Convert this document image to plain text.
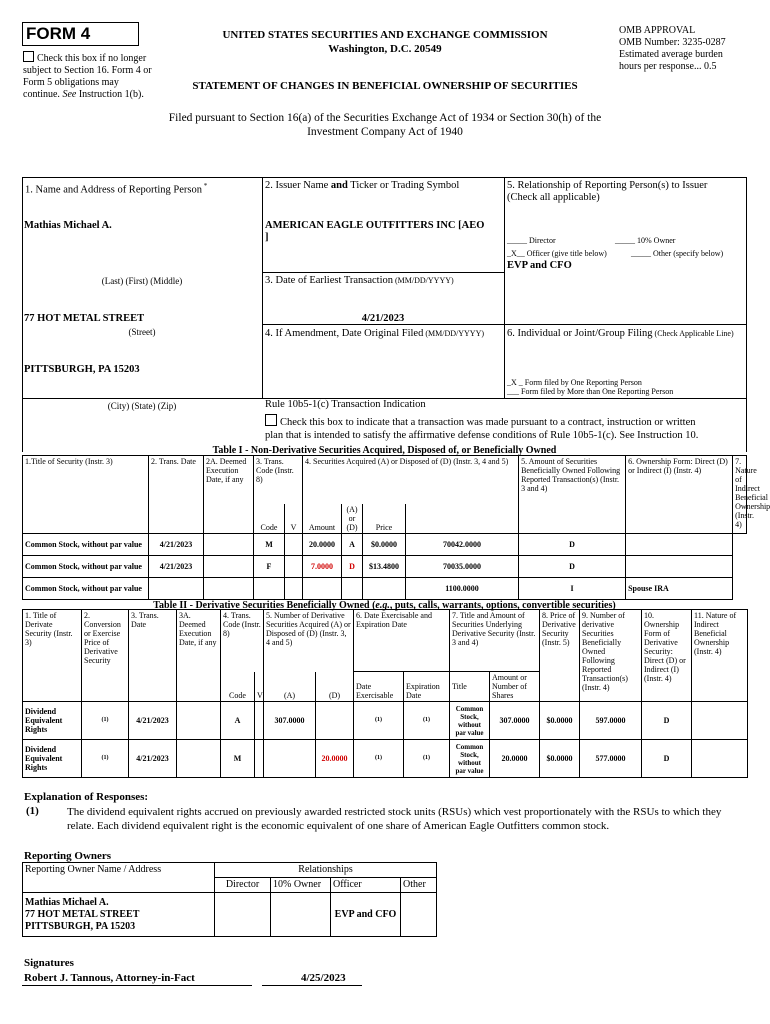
FORM 4
Check this box if no longer subject to Section 16. Form 4 or Form 5 obligations may continue. See Instruction 1(b).
UNITED STATES SECURITIES AND EXCHANGE COMMISSION
Washington, D.C. 20549
STATEMENT OF CHANGES IN BENEFICIAL OWNERSHIP OF SECURITIES
OMB APPROVAL
OMB Number: 3235-0287
Estimated average burden
hours per response... 0.5
Filed pursuant to Section 16(a) of the Securities Exchange Act of 1934 or Section 30(h) of the
Investment Company Act of 1940
1. Name and Address of Reporting Person *
Mathias Michael A.
(Last) (First) (Middle)
77 HOT METAL STREET
(Street)
PITTSBURGH, PA 15203
(City) (State) (Zip)
2. Issuer Name and Ticker or Trading Symbol
AMERICAN EAGLE OUTFITTERS INC [AEO
]
3. Date of Earliest Transaction (MM/DD/YYYY)
4/21/2023
4. If Amendment, Date Original Filed (MM/DD/YYYY)
5. Relationship of Reporting Person(s) to Issuer
(Check all applicable)
_____ Director	_____ 10% Owner
_X__ Officer (give title below)	_____ Other (specify below)
EVP and CFO
6. Individual or Joint/Group Filing (Check Applicable Line)
_X _ Form filed by One Reporting Person
___ Form filed by More than One Reporting Person
Rule 10b5-1(c) Transaction Indication
Check this box to indicate that a transaction was made pursuant to a contract, instruction or written
plan that is intended to satisfy the affirmative defense conditions of Rule 10b5-1(c). See Instruction 10.
Table I - Non-Derivative Securities Acquired, Disposed of, or Beneficially Owned
1.Title of Security (Instr. 3)	2. Trans. Date	2A. Deemed Execution Date, if any	3. Trans. Code (Instr. 8)		4. Securities Acquired (A) or Disposed of (D) (Instr. 3, 4 and 5)				5. Amount of Securities Beneficially Owned Following Reported Transaction(s) (Instr. 3 and 4)	6. Ownership Form: Direct (D) or Indirect (I) (Instr. 4)	7. Nature of Indirect Beneficial Ownership (Instr. 4)
			Code	V	Amount	(A) or (D)	Price				
Common Stock, without par value	4/21/2023		M		20.0000	A	$0.0000	70042.0000	D		
Common Stock, without par value	4/21/2023		F		7.0000	D	$13.4800	70035.0000	D		
Common Stock, without par value								1100.0000	I	Spouse IRA	
Table II - Derivative Securities Beneficially Owned (e.g., puts, calls, warrants, options, convertible securities)
1. Title of Derivate Security (Instr. 3)	2. Conversion or Exercise Price of Derivative Security	3. Trans. Date	3A. Deemed Execution Date, if any	4. Trans. Code (Instr. 8)		5. Number of Derivative Securities Acquired (A) or Disposed of (D) (Instr. 3, 4 and 5)		6. Date Exercisable and Expiration Date		7. Title and Amount of Securities Underlying Derivative Security (Instr. 3 and 4)		8. Price of Derivative Security (Instr. 5)	9. Number of derivative Securities Beneficially Owned Following Reported Transaction(s) (Instr. 4)	10. Ownership Form of Derivative Security: Direct (D) or Indirect (I) (Instr. 4)	11. Nature of Indirect Beneficial Ownership (Instr. 4)
				Code	V	(A)	(D)	Date Exercisable	Expiration Date	Title	Amount or Number of Shares				
Dividend Equivalent Rights	(1)	4/21/2023		A		307.0000		(1)	(1)	Common Stock, without par value	307.0000	$0.0000	597.0000	D	
Dividend Equivalent Rights	(1)	4/21/2023		M			20.0000	(1)	(1)	Common Stock, without par value	20.0000	$0.0000	577.0000	D	
Explanation of Responses:
(1)	The dividend equivalent rights accrued on previously awarded restricted stock units (RSUs) which vest proportionately with the RSUs to which they relate. Each dividend equivalent right is the economic equivalent of one share of American Eagle Outfitters common stock.
Reporting Owners
Reporting Owner Name / Address	Relationships			
	Director	10% Owner	Officer	Other

Mathias Michael A.
77 HOT METAL STREET
PITTSBURGH, PA 15203			EVP and CFO	
Signatures
Robert J. Tannous, Attorney-in-Fact	4/25/2023
